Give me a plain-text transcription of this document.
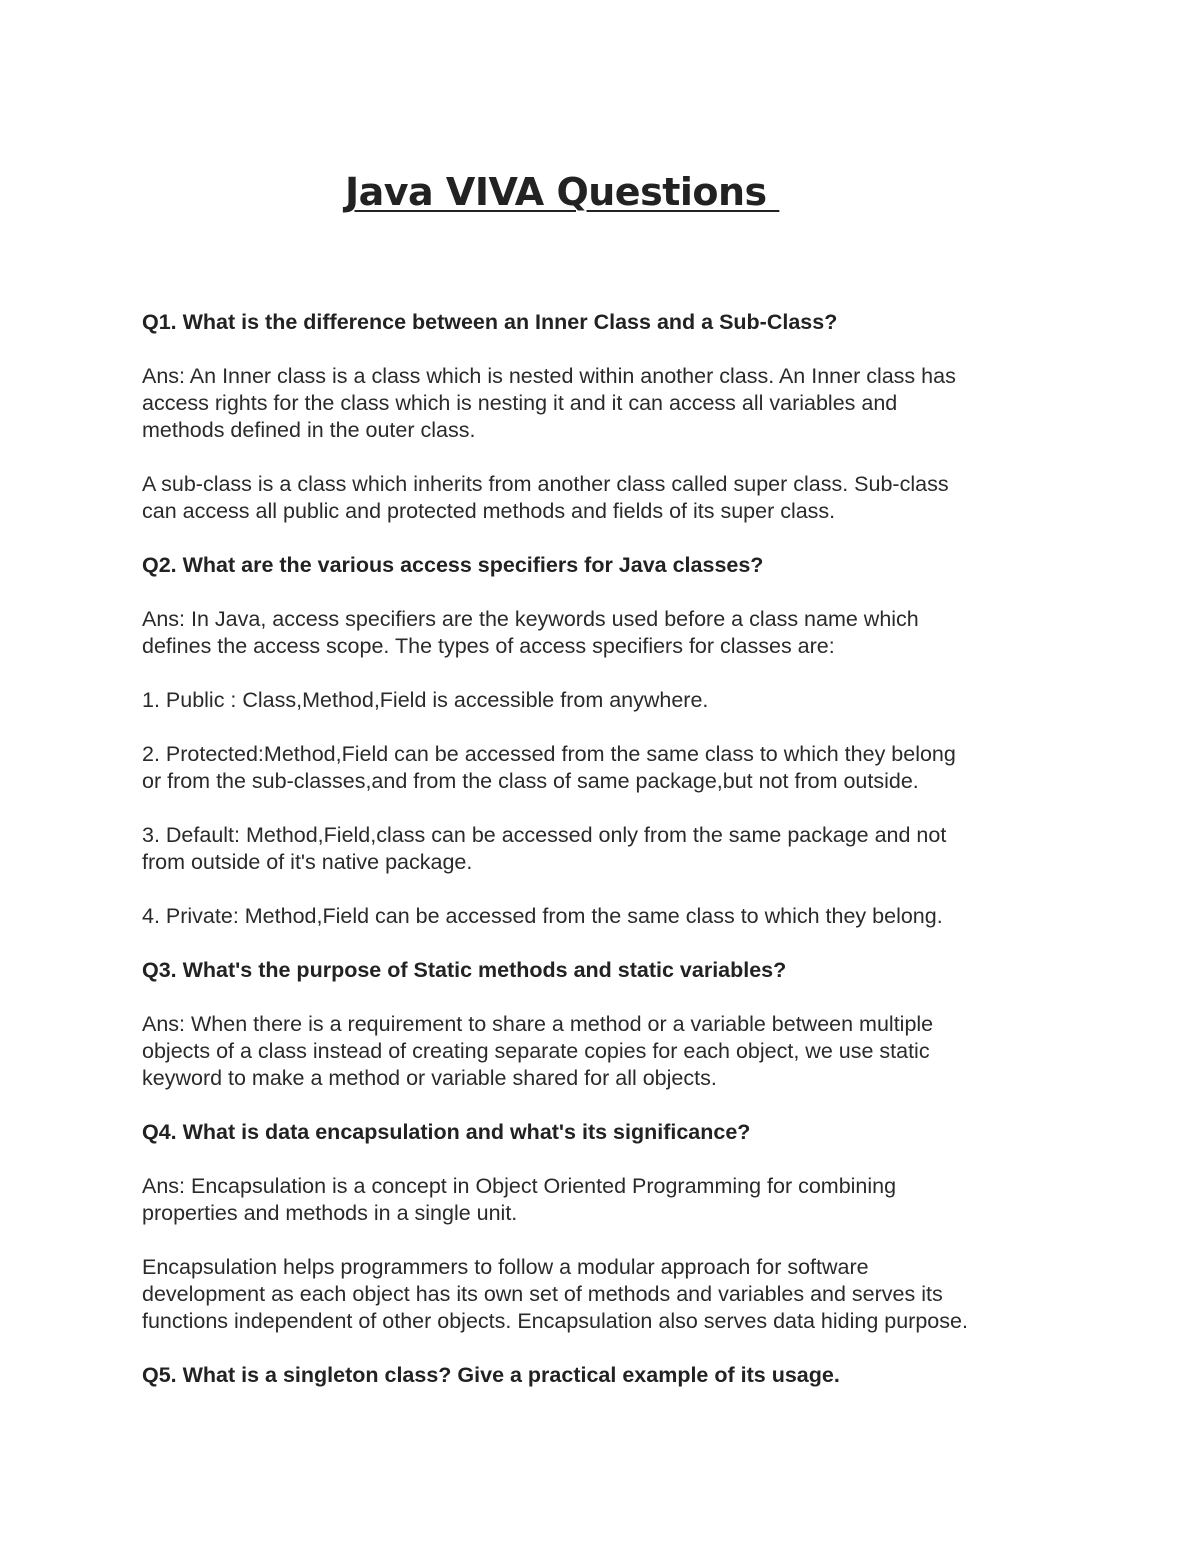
Java VIVA Questions

Q1. What is the difference between an Inner Class and a Sub-Class?

Ans: An Inner class is a class which is nested within another class. An Inner class has
access rights for the class which is nesting it and it can access all variables and
methods defined in the outer class.

A sub-class is a class which inherits from another class called super class. Sub-class
can access all public and protected methods and fields of its super class.

Q2. What are the various access specifiers for Java classes?

Ans: In Java, access specifiers are the keywords used before a class name which
defines the access scope. The types of access specifiers for classes are:

1. Public : Class,Method,Field is accessible from anywhere.

2. Protected:Method,Field can be accessed from the same class to which they belong
or from the sub-classes,and from the class of same package,but not from outside.

3. Default: Method,Field,class can be accessed only from the same package and not
from outside of it's native package.

4. Private: Method,Field can be accessed from the same class to which they belong.

Q3. What's the purpose of Static methods and static variables?

Ans: When there is a requirement to share a method or a variable between multiple
objects of a class instead of creating separate copies for each object, we use static
keyword to make a method or variable shared for all objects.

Q4. What is data encapsulation and what's its significance?

Ans: Encapsulation is a concept in Object Oriented Programming for combining
properties and methods in a single unit.

Encapsulation helps programmers to follow a modular approach for software
development as each object has its own set of methods and variables and serves its
functions independent of other objects. Encapsulation also serves data hiding purpose.

Q5. What is a singleton class? Give a practical example of its usage.
